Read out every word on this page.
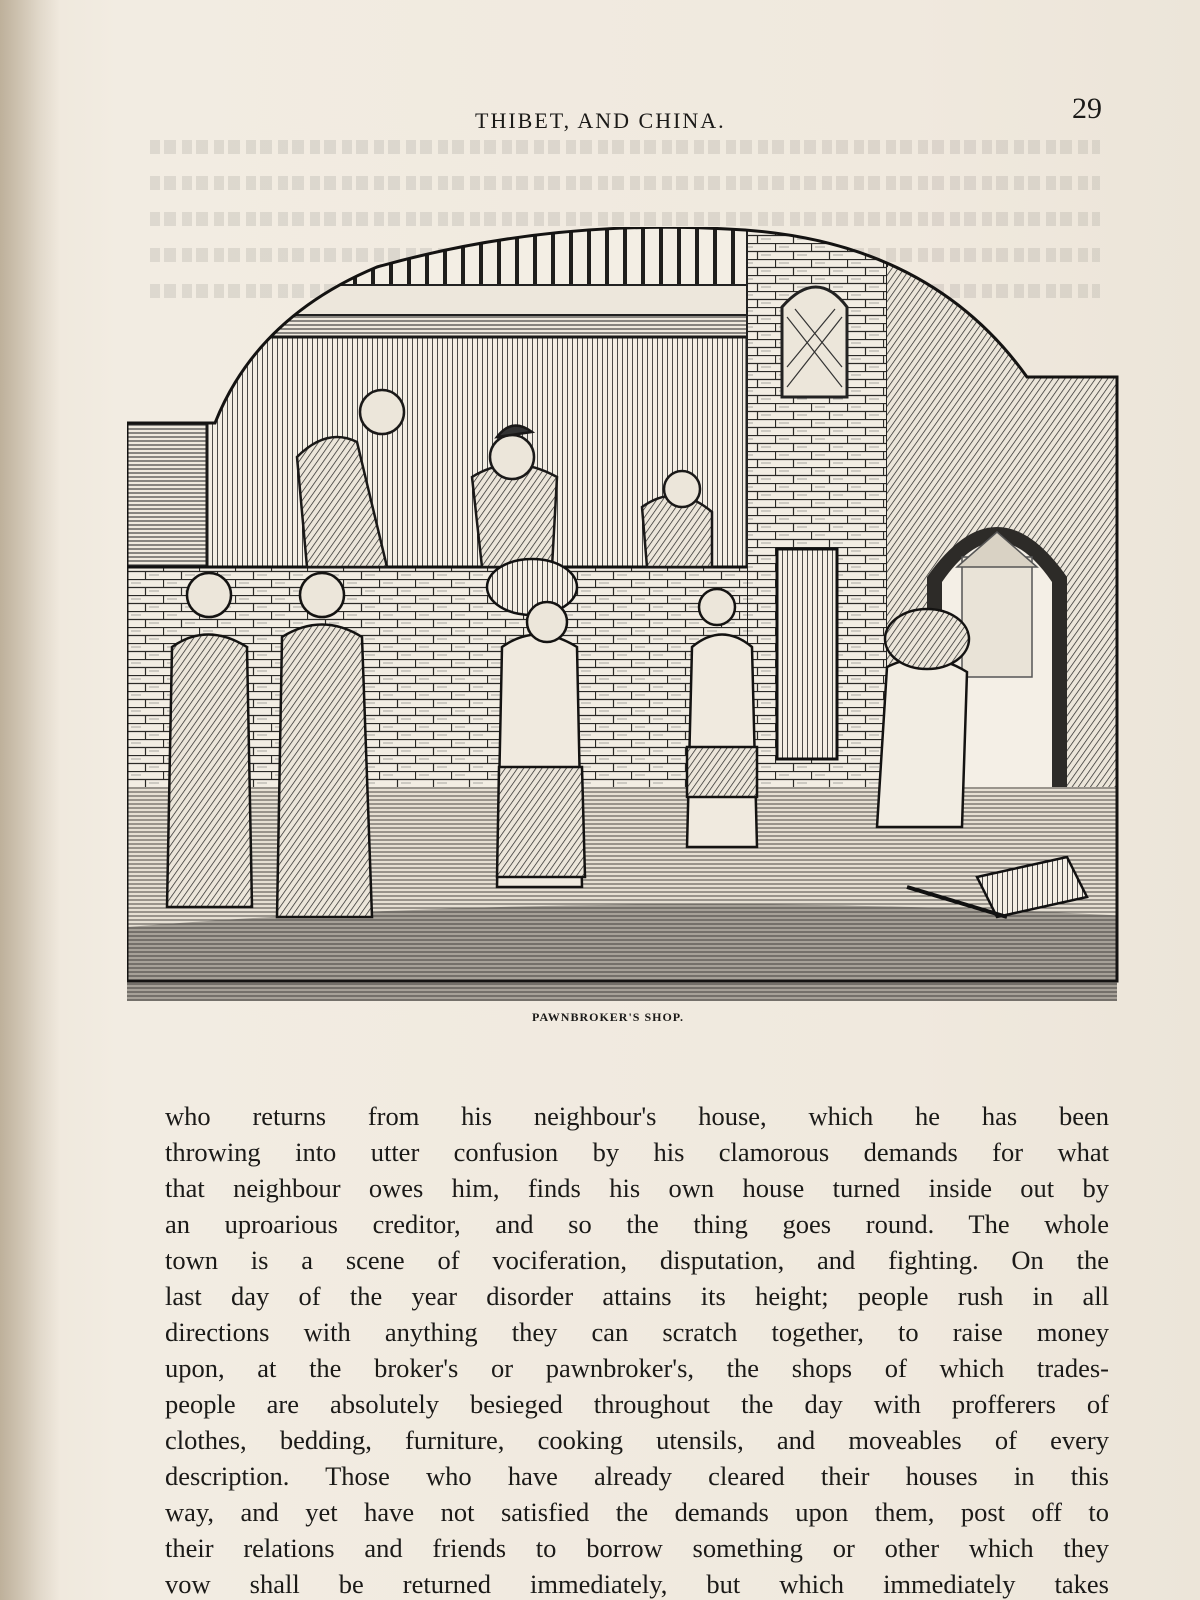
THIBET, AND CHINA.	29
PAWNBROKER'S SHOP.
who returns from his neighbour's house, which he has been
throwing into utter confusion by his clamorous demands for what
that neighbour owes him, finds his own house turned inside out by
an uproarious creditor, and so the thing goes round. The whole
town is a scene of vociferation, disputation, and fighting. On the
last day of the year disorder attains its height; people rush in all
directions with anything they can scratch together, to raise money
upon, at the broker's or pawnbroker's, the shops of which trades-
people are absolutely besieged throughout the day with profferers of
clothes, bedding, furniture, cooking utensils, and moveables of every
description. Those who have already cleared their houses in this
way, and yet have not satisfied the demands upon them, post off to
their relations and friends to borrow something or other which they
vow shall be returned immediately, but which immediately takes
